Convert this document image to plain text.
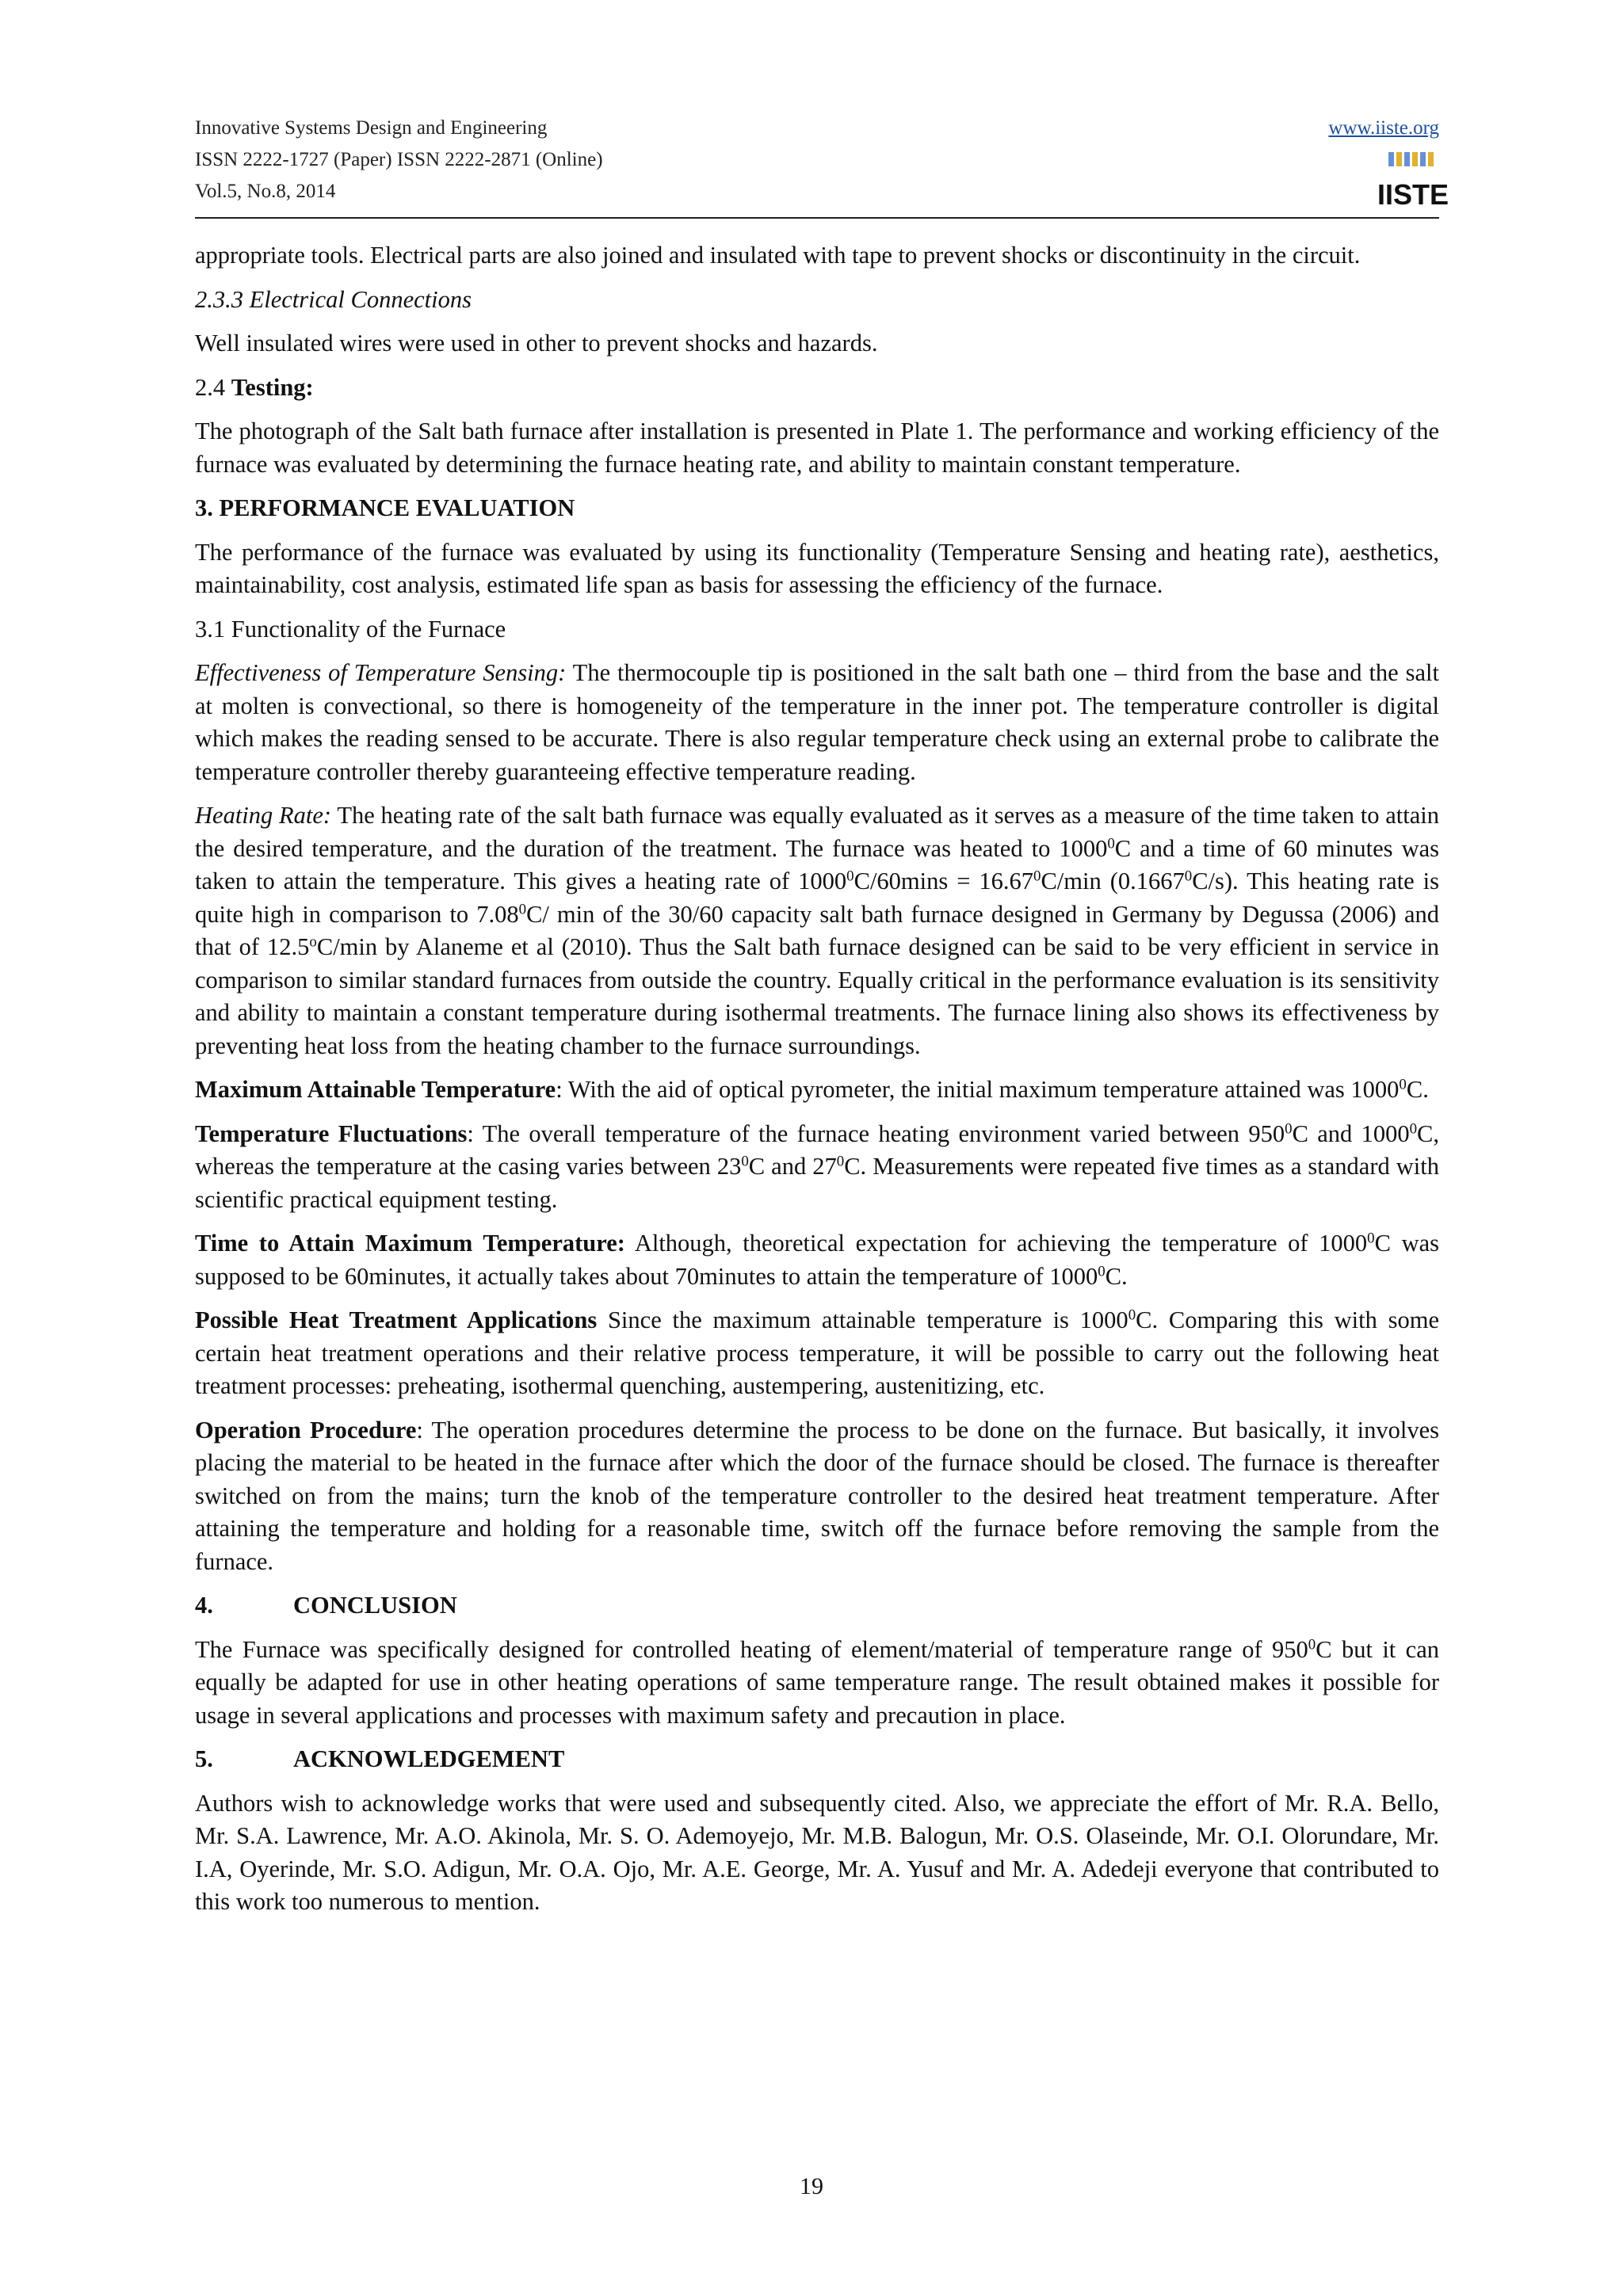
Innovative Systems Design and Engineering
ISSN 2222-1727 (Paper) ISSN 2222-2871 (Online)
Vol.5, No.8, 2014
www.iiste.org
IISTE

appropriate tools. Electrical parts are also joined and insulated with tape to prevent shocks or discontinuity in the circuit.

2.3.3 Electrical Connections

Well insulated wires were used in other to prevent shocks and hazards.

2.4 Testing:

The photograph of the Salt bath furnace after installation is presented in Plate 1. The performance and working efficiency of the furnace was evaluated by determining the furnace heating rate, and ability to maintain constant temperature.

3. PERFORMANCE EVALUATION

The performance of the furnace was evaluated by using its functionality (Temperature Sensing and heating rate), aesthetics, maintainability, cost analysis, estimated life span as basis for assessing the efficiency of the furnace.

3.1 Functionality of the Furnace

Effectiveness of Temperature Sensing: The thermocouple tip is positioned in the salt bath one – third from the base and the salt at molten is convectional, so there is homogeneity of the temperature in the inner pot. The temperature controller is digital which makes the reading sensed to be accurate. There is also regular temperature check using an external probe to calibrate the temperature controller thereby guaranteeing effective temperature reading.

Heating Rate: The heating rate of the salt bath furnace was equally evaluated as it serves as a measure of the time taken to attain the desired temperature, and the duration of the treatment. The furnace was heated to 1000$^0$C and a time of 60 minutes was taken to attain the temperature. This gives a heating rate of $1000^0C/60\min s = 16.67^0C/\min$ (0.1667$^0$C/s). This heating rate is quite high in comparison to 7.08$^0$C/ min of the 30/60 capacity salt bath furnace designed in Germany by Degussa (2006) and that of 12.5$^o$C/min by Alaneme et al (2010). Thus the Salt bath furnace designed can be said to be very efficient in service in comparison to similar standard furnaces from outside the country. Equally critical in the performance evaluation is its sensitivity and ability to maintain a constant temperature during isothermal treatments. The furnace lining also shows its effectiveness by preventing heat loss from the heating chamber to the furnace surroundings.

Maximum Attainable Temperature: With the aid of optical pyrometer, the initial maximum temperature attained was 1000$^0$C.

Temperature Fluctuations: The overall temperature of the furnace heating environment varied between $950^0C$ and 1000$^0$C, whereas the temperature at the casing varies between $23^0C$ and $27^0C$. Measurements were repeated five times as a standard with scientific practical equipment testing.

Time to Attain Maximum Temperature: Although, theoretical expectation for achieving the temperature of 1000$^0$C was supposed to be 60minutes, it actually takes about 70minutes to attain the temperature of 1000$^0$C.

Possible Heat Treatment Applications Since the maximum attainable temperature is 1000$^0$C. Comparing this with some certain heat treatment operations and their relative process temperature, it will be possible to carry out the following heat treatment processes: preheating, isothermal quenching, austempering, austenitizing, etc.

Operation Procedure: The operation procedures determine the process to be done on the furnace. But basically, it involves placing the material to be heated in the furnace after which the door of the furnace should be closed. The furnace is thereafter switched on from the mains; turn the knob of the temperature controller to the desired heat treatment temperature. After attaining the temperature and holding for a reasonable time, switch off the furnace before removing the sample from the furnace.

4.	CONCLUSION

The Furnace was specifically designed for controlled heating of element/material of temperature range of $950^0C$ but it can equally be adapted for use in other heating operations of same temperature range. The result obtained makes it possible for usage in several applications and processes with maximum safety and precaution in place.

5.	ACKNOWLEDGEMENT

Authors wish to acknowledge works that were used and subsequently cited. Also, we appreciate the effort of Mr. R.A. Bello, Mr. S.A. Lawrence, Mr. A.O. Akinola, Mr. S. O. Ademoyejo, Mr. M.B. Balogun, Mr. O.S. Olaseinde, Mr. O.I. Olorundare, Mr. I.A, Oyerinde, Mr. S.O. Adigun, Mr. O.A. Ojo, Mr. A.E. George, Mr. A. Yusuf and Mr. A. Adedeji everyone that contributed to this work too numerous to mention.

19
